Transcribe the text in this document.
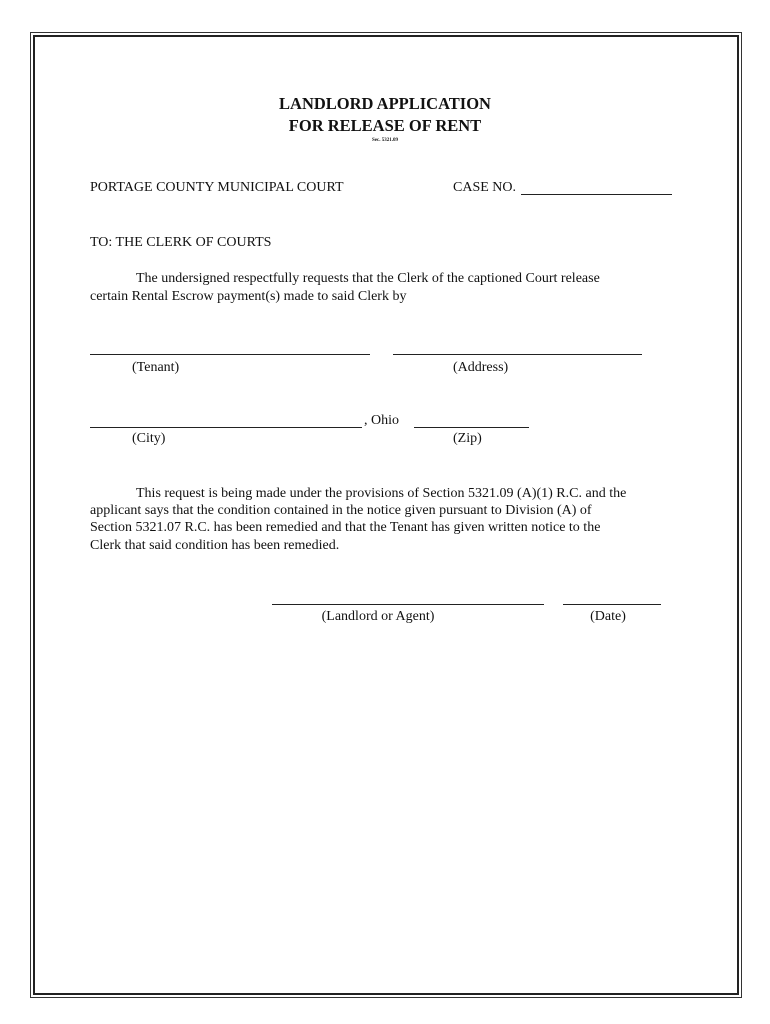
LANDLORD APPLICATION
FOR RELEASE OF RENT
Sec. 5321.09
PORTAGE COUNTY MUNICIPAL COURT	CASE NO.
TO: THE CLERK OF COURTS
The undersigned respectfully requests that the Clerk of the captioned Court release
certain Rental Escrow payment(s) made to said Clerk by
(Tenant)	(Address)
, Ohio
(City)	(Zip)
This request is being made under the provisions of Section 5321.09 (A)(1) R.C. and the
applicant says that the condition contained in the notice given pursuant to Division (A) of
Section 5321.07 R.C. has been remedied and that the Tenant has given written notice to the
Clerk that said condition has been remedied.
(Landlord or Agent)	(Date)
